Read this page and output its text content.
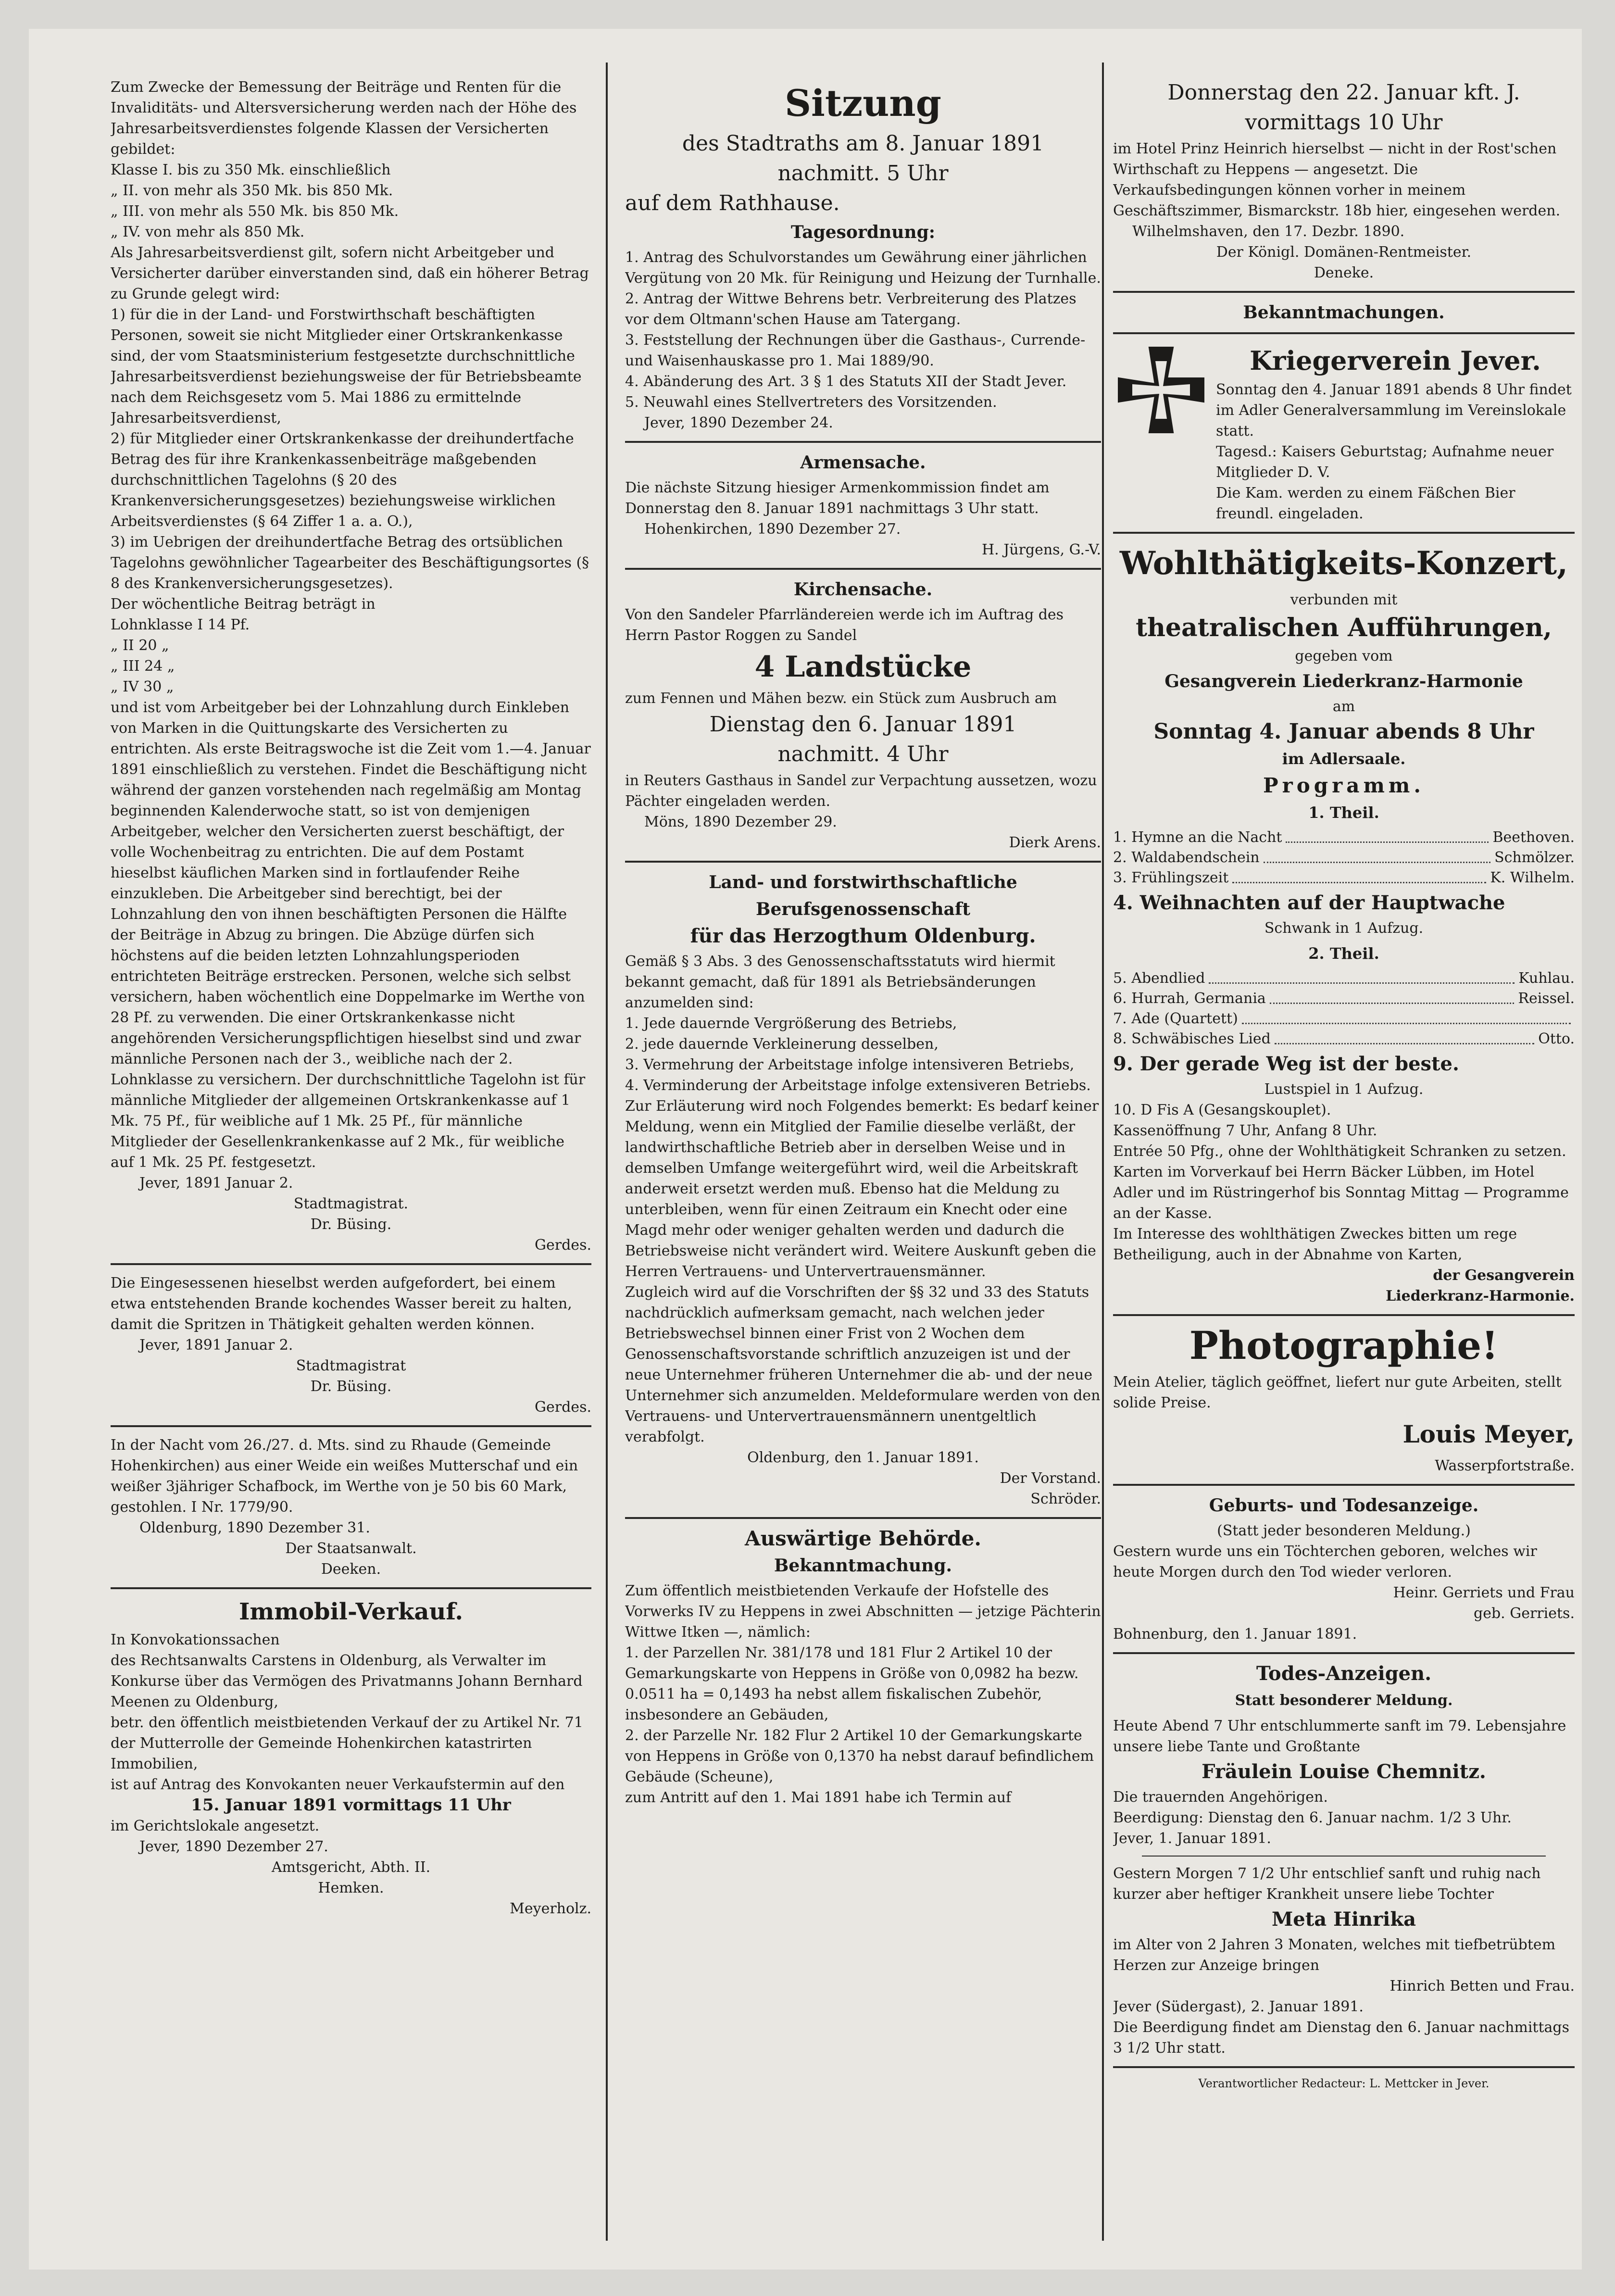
Zum Zwecke der Bemessung der Beiträge und Renten für die Invaliditäts- und Altersversicherung werden nach der Höhe des Jahresarbeitsverdienstes folgende Klassen der Versicherten gebildet:
Klasse I. bis zu 350 Mk. einschließlich
„ II. von mehr als 350 Mk. bis 850 Mk.
„ III. von mehr als 550 Mk. bis 850 Mk.
„ IV. von mehr als 850 Mk.
Als Jahresarbeitsverdienst gilt, sofern nicht Arbeitgeber und Versicherter darüber einverstanden sind, daß ein höherer Betrag zu Grunde gelegt wird:
1) für die in der Land- und Forstwirthschaft beschäftigten Personen, soweit sie nicht Mitglieder einer Ortskrankenkasse sind, der vom Staatsministerium festgesetzte durchschnittliche Jahresarbeitsverdienst beziehungsweise der für Betriebsbeamte nach dem Reichsgesetz vom 5. Mai 1886 zu ermittelnde Jahresarbeitsverdienst,
2) für Mitglieder einer Ortskrankenkasse der dreihundertfache Betrag des für ihre Krankenkassenbeiträge maßgebenden durchschnittlichen Tagelohns (§ 20 des Krankenversicherungsgesetzes) beziehungsweise wirklichen Arbeitsverdienstes (§ 64 Ziffer 1 a. a. O.),
3) im Uebrigen der dreihundertfache Betrag des ortsüblichen Tagelohns gewöhnlicher Tagearbeiter des Beschäftigungsortes (§ 8 des Krankenversicherungsgesetzes).
Der wöchentliche Beitrag beträgt in
Lohnklasse I 14 Pf.
„ II 20 „
„ III 24 „
„ IV 30 „
und ist vom Arbeitgeber bei der Lohnzahlung durch Einkleben von Marken in die Quittungskarte des Versicherten zu entrichten. Als erste Beitragswoche ist die Zeit vom 1.—4. Januar 1891 einschließlich zu verstehen. Findet die Beschäftigung nicht während der ganzen vorstehenden nach regelmäßig am Montag beginnenden Kalenderwoche statt, so ist von demjenigen Arbeitgeber, welcher den Versicherten zuerst beschäftigt, der volle Wochenbeitrag zu entrichten. Die auf dem Postamt hieselbst käuflichen Marken sind in fortlaufender Reihe einzukleben. Die Arbeitgeber sind berechtigt, bei der Lohnzahlung den von ihnen beschäftigten Personen die Hälfte der Beiträge in Abzug zu bringen. Die Abzüge dürfen sich höchstens auf die beiden letzten Lohnzahlungsperioden entrichteten Beiträge erstrecken. Personen, welche sich selbst versichern, haben wöchentlich eine Doppelmarke im Werthe von 28 Pf. zu verwenden. Die einer Ortskrankenkasse nicht angehörenden Versicherungspflichtigen hieselbst sind und zwar männliche Personen nach der 3., weibliche nach der 2. Lohnklasse zu versichern. Der durchschnittliche Tagelohn ist für männliche Mitglieder der allgemeinen Ortskrankenkasse auf 1 Mk. 75 Pf., für weibliche auf 1 Mk. 25 Pf., für männliche Mitglieder der Gesellenkrankenkasse auf 2 Mk., für weibliche auf 1 Mk. 25 Pf. festgesetzt.

Jever, 1891 Januar 2.

Stadtmagistrat.

Dr. Büsing.

Gerdes.

Die Eingesessenen hieselbst werden aufgefordert, bei einem etwa entstehenden Brande kochendes Wasser bereit zu halten, damit die Spritzen in Thätigkeit gehalten werden können.

Jever, 1891 Januar 2.

Stadtmagistrat

Dr. Büsing.

Gerdes.

In der Nacht vom 26./27. d. Mts. sind zu Rhaude (Gemeinde Hohenkirchen) aus einer Weide ein weißes Mutterschaf und ein weißer 3jähriger Schafbock, im Werthe von je 50 bis 60 Mark, gestohlen. I Nr. 1779/90.

Oldenburg, 1890 Dezember 31.

Der Staatsanwalt.

Deeken.

Immobil-Verkauf.

In Konvokationssachen
des Rechtsanwalts Carstens in Oldenburg, als Verwalter im Konkurse über das Vermögen des Privatmanns Johann Bernhard Meenen zu Oldenburg,
betr. den öffentlich meistbietenden Verkauf der zu Artikel Nr. 71 der Mutterrolle der Gemeinde Hohenkirchen katastrirten Immobilien,
ist auf Antrag des Konvokanten neuer Verkaufstermin auf den

15. Januar 1891 vormittags 11 Uhr

im Gerichtslokale angesetzt.

Jever, 1890 Dezember 27.

Amtsgericht, Abth. II.

Hemken.

Meyerholz.

Sitzung
des Stadtraths am 8. Januar 1891
nachmitt. 5 Uhr
auf dem Rathhause.
Tagesordnung:

1. Antrag des Schulvorstandes um Gewährung einer jährlichen Vergütung von 20 Mk. für Reinigung und Heizung der Turnhalle.
2. Antrag der Wittwe Behrens betr. Verbreiterung des Platzes vor dem Oltmann'schen Hause am Tatergang.
3. Feststellung der Rechnungen über die Gasthaus-, Currende- und Waisenhauskasse pro 1. Mai 1889/90.
4. Abänderung des Art. 3 § 1 des Statuts XII der Stadt Jever.
5. Neuwahl eines Stellvertreters des Vorsitzenden.

Jever, 1890 Dezember 24.

Armensache.

Die nächste Sitzung hiesiger Armenkommission findet am Donnerstag den 8. Januar 1891 nachmittags 3 Uhr statt.

Hohenkirchen, 1890 Dezember 27.

H. Jürgens, G.-V.

Kirchensache.

Von den Sandeler Pfarrländereien werde ich im Auftrag des Herrn Pastor Roggen zu Sandel

4 Landstücke

zum Fennen und Mähen bezw. ein Stück zum Ausbruch am

Dienstag den 6. Januar 1891
nachmitt. 4 Uhr

in Reuters Gasthaus in Sandel zur Verpachtung aussetzen, wozu Pächter eingeladen werden.

Möns, 1890 Dezember 29.

Dierk Arens.

Land- und forstwirthschaftliche
Berufsgenossenschaft
für das Herzogthum Oldenburg.

Gemäß § 3 Abs. 3 des Genossenschaftsstatuts wird hiermit bekannt gemacht, daß für 1891 als Betriebsänderungen anzumelden sind:
1. Jede dauernde Vergrößerung des Betriebs,
2. jede dauernde Verkleinerung desselben,
3. Vermehrung der Arbeitstage infolge intensiveren Betriebs,
4. Verminderung der Arbeitstage infolge extensiveren Betriebs.
Zur Erläuterung wird noch Folgendes bemerkt: Es bedarf keiner Meldung, wenn ein Mitglied der Familie dieselbe verläßt, der landwirthschaftliche Betrieb aber in derselben Weise und in demselben Umfange weitergeführt wird, weil die Arbeitskraft anderweit ersetzt werden muß. Ebenso hat die Meldung zu unterbleiben, wenn für einen Zeitraum ein Knecht oder eine Magd mehr oder weniger gehalten werden und dadurch die Betriebsweise nicht verändert wird. Weitere Auskunft geben die Herren Vertrauens- und Untervertrauensmänner.
Zugleich wird auf die Vorschriften der §§ 32 und 33 des Statuts nachdrücklich aufmerksam gemacht, nach welchen jeder Betriebswechsel binnen einer Frist von 2 Wochen dem Genossenschaftsvorstande schriftlich anzuzeigen ist und der neue Unternehmer früheren Unternehmer die ab- und der neue Unternehmer sich anzumelden. Meldeformulare werden von den Vertrauens- und Untervertrauensmännern unentgeltlich verabfolgt.

Oldenburg, den 1. Januar 1891.

Der Vorstand.

Schröder.

Auswärtige Behörde.
Bekanntmachung.

Zum öffentlich meistbietenden Verkaufe der Hofstelle des Vorwerks IV zu Heppens in zwei Abschnitten — jetzige Pächterin Wittwe Itken —, nämlich:
1. der Parzellen Nr. 381/178 und 181 Flur 2 Artikel 10 der Gemarkungskarte von Heppens in Größe von 0,0982 ha bezw. 0.0511 ha = 0,1493 ha nebst allem fiskalischen Zubehör, insbesondere an Gebäuden,
2. der Parzelle Nr. 182 Flur 2 Artikel 10 der Gemarkungskarte von Heppens in Größe von 0,1370 ha nebst darauf befindlichem Gebäude (Scheune),
zum Antritt auf den 1. Mai 1891 habe ich Termin auf

Donnerstag den 22. Januar kft. J.
vormittags 10 Uhr

im Hotel Prinz Heinrich hierselbst — nicht in der Rost'schen Wirthschaft zu Heppens — angesetzt. Die Verkaufsbedingungen können vorher in meinem Geschäftszimmer, Bismarckstr. 18b hier, eingesehen werden.

Wilhelmshaven, den 17. Dezbr. 1890.

Der Königl. Domänen-Rentmeister.

Deneke.

Bekanntmachungen.
Kriegerverein Jever.

Sonntag den 4. Januar 1891 abends 8 Uhr findet im Adler Generalversammlung im Vereinslokale statt.
Tagesd.: Kaisers Geburtstag; Aufnahme neuer Mitglieder D. V.
Die Kam. werden zu einem Fäßchen Bier freundl. eingeladen.

Wohlthätigkeits-Konzert,

verbunden mit

theatralischen Aufführungen,

gegeben vom

Gesangverein Liederkranz-Harmonie

am

Sonntag 4. Januar abends 8 Uhr
im Adlersaale.
Programm.
1. Theil.
1. Hymne an die Nacht	Beethoven.
2. Waldabendschein	Schmölzer.
3. Frühlingszeit	K. Wilhelm.
4. Weihnachten auf der Hauptwache

Schwank in 1 Aufzug.

2. Theil.
5. Abendlied	Kuhlau.
6. Hurrah, Germania	Reissel.
7. Ade (Quartett)
8. Schwäbisches Lied	Otto.
9. Der gerade Weg ist der beste.

Lustspiel in 1 Aufzug.

10. D Fis A (Gesangskouplet).

Kassenöffnung 7 Uhr, Anfang 8 Uhr.
Entrée 50 Pfg., ohne der Wohlthätigkeit Schranken zu setzen. Karten im Vorverkauf bei Herrn Bäcker Lübben, im Hotel Adler und im Rüstringerhof bis Sonntag Mittag — Programme an der Kasse.
Im Interesse des wohlthätigen Zweckes bitten um rege Betheiligung, auch in der Abnahme von Karten,

der Gesangverein

Liederkranz-Harmonie.

Photographie!

Mein Atelier, täglich geöffnet, liefert nur gute Arbeiten, stellt solide Preise.

Louis Meyer,

Wasserpfortstraße.

Geburts- und Todesanzeige.

(Statt jeder besonderen Meldung.)

Gestern wurde uns ein Töchterchen geboren, welches wir heute Morgen durch den Tod wieder verloren.

Heinr. Gerriets und Frau

geb. Gerriets.

Bohnenburg, den 1. Januar 1891.

Todes-Anzeigen.
Statt besonderer Meldung.

Heute Abend 7 Uhr entschlummerte sanft im 79. Lebensjahre unsere liebe Tante und Großtante

Fräulein Louise Chemnitz.

Die trauernden Angehörigen.
Beerdigung: Dienstag den 6. Januar nachm. 1/2 3 Uhr.

Jever, 1. Januar 1891.

Gestern Morgen 7 1/2 Uhr entschlief sanft und ruhig nach kurzer aber heftiger Krankheit unsere liebe Tochter

Meta Hinrika

im Alter von 2 Jahren 3 Monaten, welches mit tiefbetrübtem Herzen zur Anzeige bringen

Hinrich Betten und Frau.

Jever (Südergast), 2. Januar 1891.

Die Beerdigung findet am Dienstag den 6. Januar nachmittags 3 1/2 Uhr statt.

Verantwortlicher Redacteur: L. Mettcker in Jever.
